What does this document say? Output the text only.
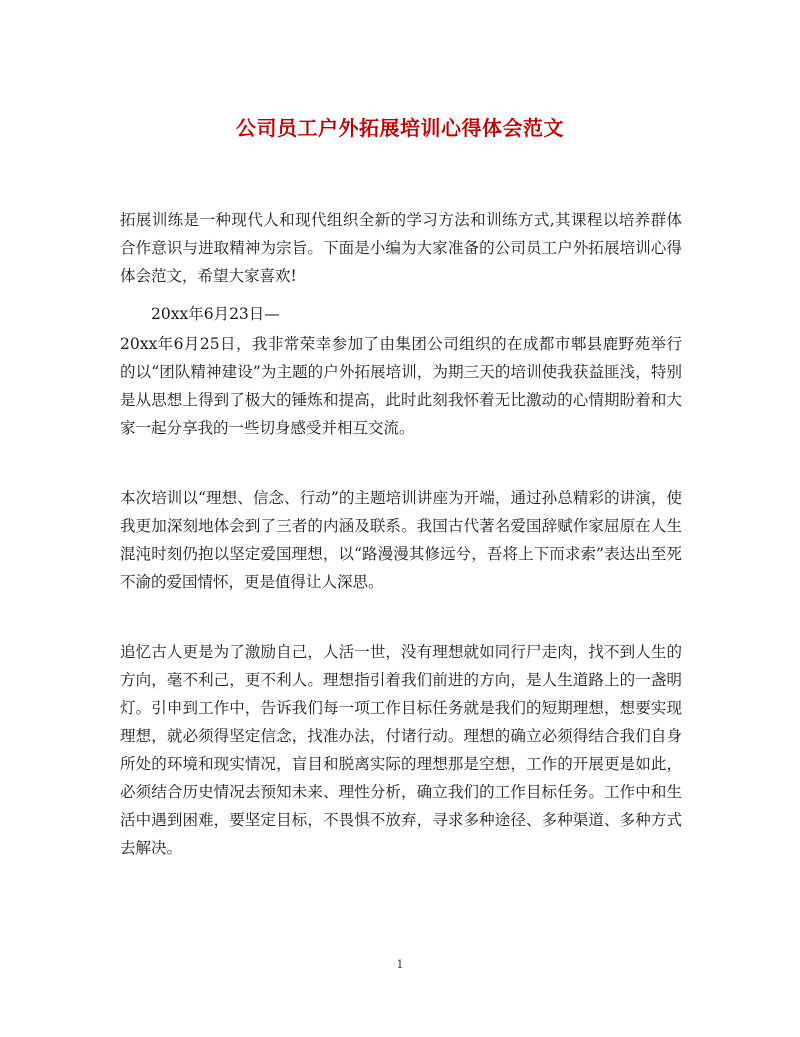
公司员工户外拓展培训心得体会范文

拓展训练是一种现代人和现代组织全新的学习方法和训练方式,其课程以培养群体合作意识与进取精神为宗旨。下面是小编为大家准备的公司员工户外拓展培训心得体会范文，希望大家喜欢!

20xx年6月23日—

20xx年6月25日，我非常荣幸参加了由集团公司组织的在成都市郫县鹿野苑举行的以“团队精神建设”为主题的户外拓展培训，为期三天的培训使我获益匪浅，特别是从思想上得到了极大的锤炼和提高，此时此刻我怀着无比激动的心情期盼着和大家一起分享我的一些切身感受并相互交流。

本次培训以“理想、信念、行动”的主题培训讲座为开端，通过孙总精彩的讲演，使我更加深刻地体会到了三者的内涵及联系。我国古代著名爱国辞赋作家屈原在人生混沌时刻仍抱以坚定爱国理想，以“路漫漫其修远兮，吾将上下而求索”表达出至死不渝的爱国情怀，更是值得让人深思。

追忆古人更是为了激励自己，人活一世，没有理想就如同行尸走肉，找不到人生的方向，毫不利己，更不利人。理想指引着我们前进的方向，是人生道路上的一盏明灯。引申到工作中，告诉我们每一项工作目标任务就是我们的短期理想，想要实现理想，就必须得坚定信念，找准办法，付诸行动。理想的确立必须得结合我们自身所处的环境和现实情况，盲目和脱离实际的理想那是空想，工作的开展更是如此，必须结合历史情况去预知未来、理性分析，确立我们的工作目标任务。工作中和生活中遇到困难，要坚定目标，不畏惧不放弃，寻求多种途径、多种渠道、多种方式去解决。

1
